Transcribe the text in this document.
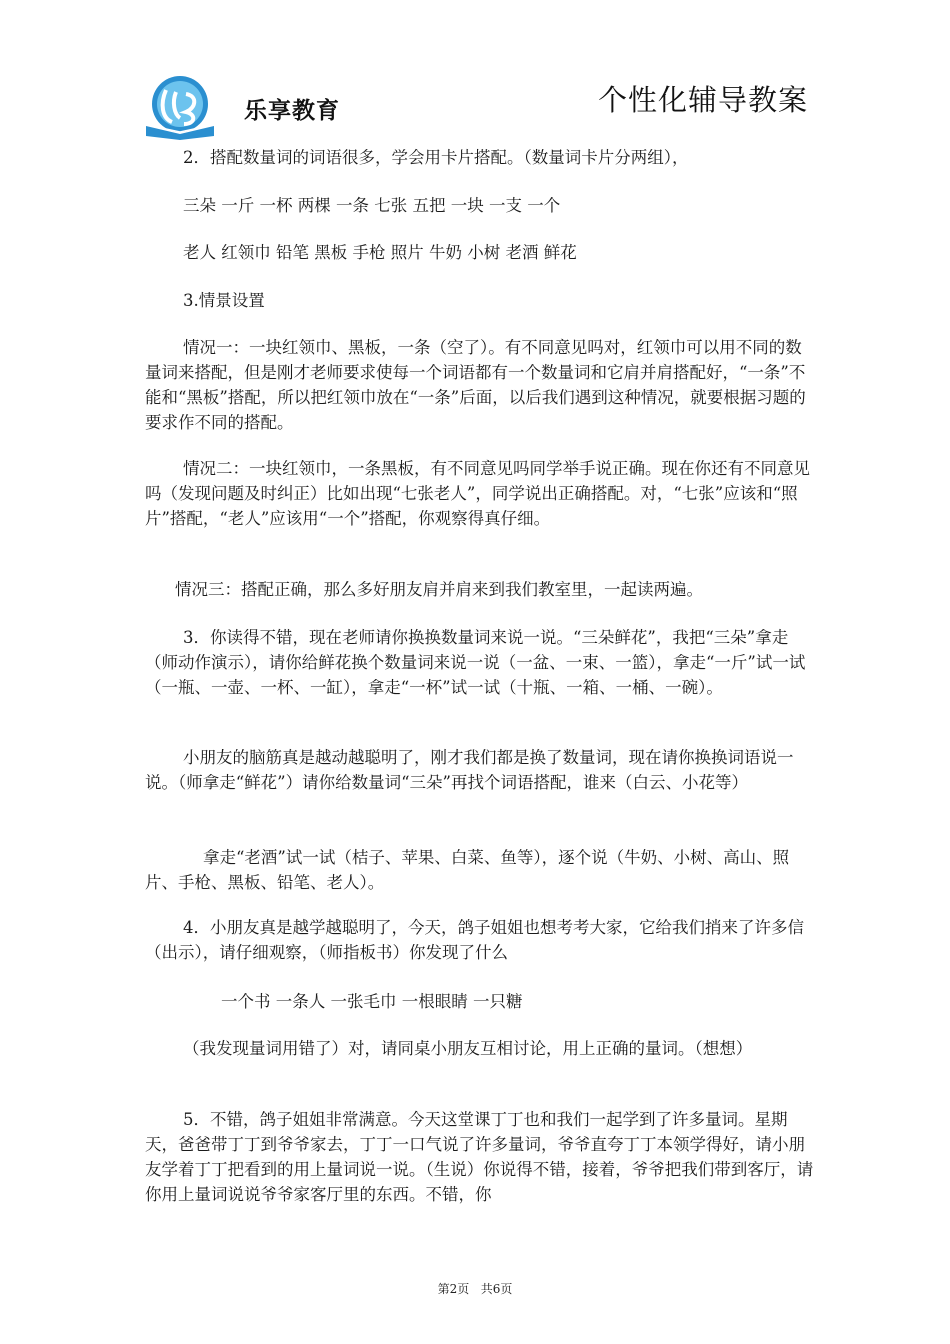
乐享教育	个性化辅导教案

2．搭配数量词的词语很多，学会用卡片搭配。（数量词卡片分两组），

三朵 一斤 一杯 两棵 一条 七张 五把 一块 一支 一个

老人 红领巾 铅笔 黑板 手枪 照片 牛奶 小树 老酒 鲜花

3.情景设置

情况一：一块红领巾、黑板，一条（空了）。有不同意见吗对，红领巾可以用不同的数量词来搭配，但是刚才老师要求使每一个词语都有一个数量词和它肩并肩搭配好，“一条”不能和“黑板”搭配，所以把红领巾放在“一条”后面，以后我们遇到这种情况，就要根据习题的要求作不同的搭配。

情况二：一块红领巾，一条黑板，有不同意见吗同学举手说正确。现在你还有不同意见吗（发现问题及时纠正）比如出现“七张老人”，同学说出正确搭配。对，“七张”应该和“照片”搭配，“老人”应该用“一个”搭配，你观察得真仔细。

情况三：搭配正确，那么多好朋友肩并肩来到我们教室里，一起读两遍。

3．你读得不错，现在老师请你换换数量词来说一说。“三朵鲜花”，我把“三朵”拿走（师动作演示），请你给鲜花换个数量词来说一说（一盆、一束、一篮），拿走“一斤”试一试（一瓶、一壶、一杯、一缸），拿走“一杯”试一试（十瓶、一箱、一桶、一碗）。

小朋友的脑筋真是越动越聪明了，刚才我们都是换了数量词，现在请你换换词语说一说。（师拿走“鲜花”）请你给数量词“三朵”再找个词语搭配，谁来（白云、小花等）

拿走“老酒”试一试（桔子、苹果、白菜、鱼等），逐个说（牛奶、小树、高山、照片、手枪、黑板、铅笔、老人）。

4．小朋友真是越学越聪明了，今天，鸽子姐姐也想考考大家，它给我们捎来了许多信（出示），请仔细观察，（师指板书）你发现了什么

一个书 一条人 一张毛巾 一根眼睛 一只糖

（我发现量词用错了）对，请同桌小朋友互相讨论，用上正确的量词。（想想）

5．不错，鸽子姐姐非常满意。今天这堂课丁丁也和我们一起学到了许多量词。星期天，爸爸带丁丁到爷爷家去，丁丁一口气说了许多量词，爷爷直夸丁丁本领学得好，请小朋友学着丁丁把看到的用上量词说一说。（生说）你说得不错，接着，爷爷把我们带到客厅，请你用上量词说说爷爷家客厅里的东西。不错，你

第2页 共6页
